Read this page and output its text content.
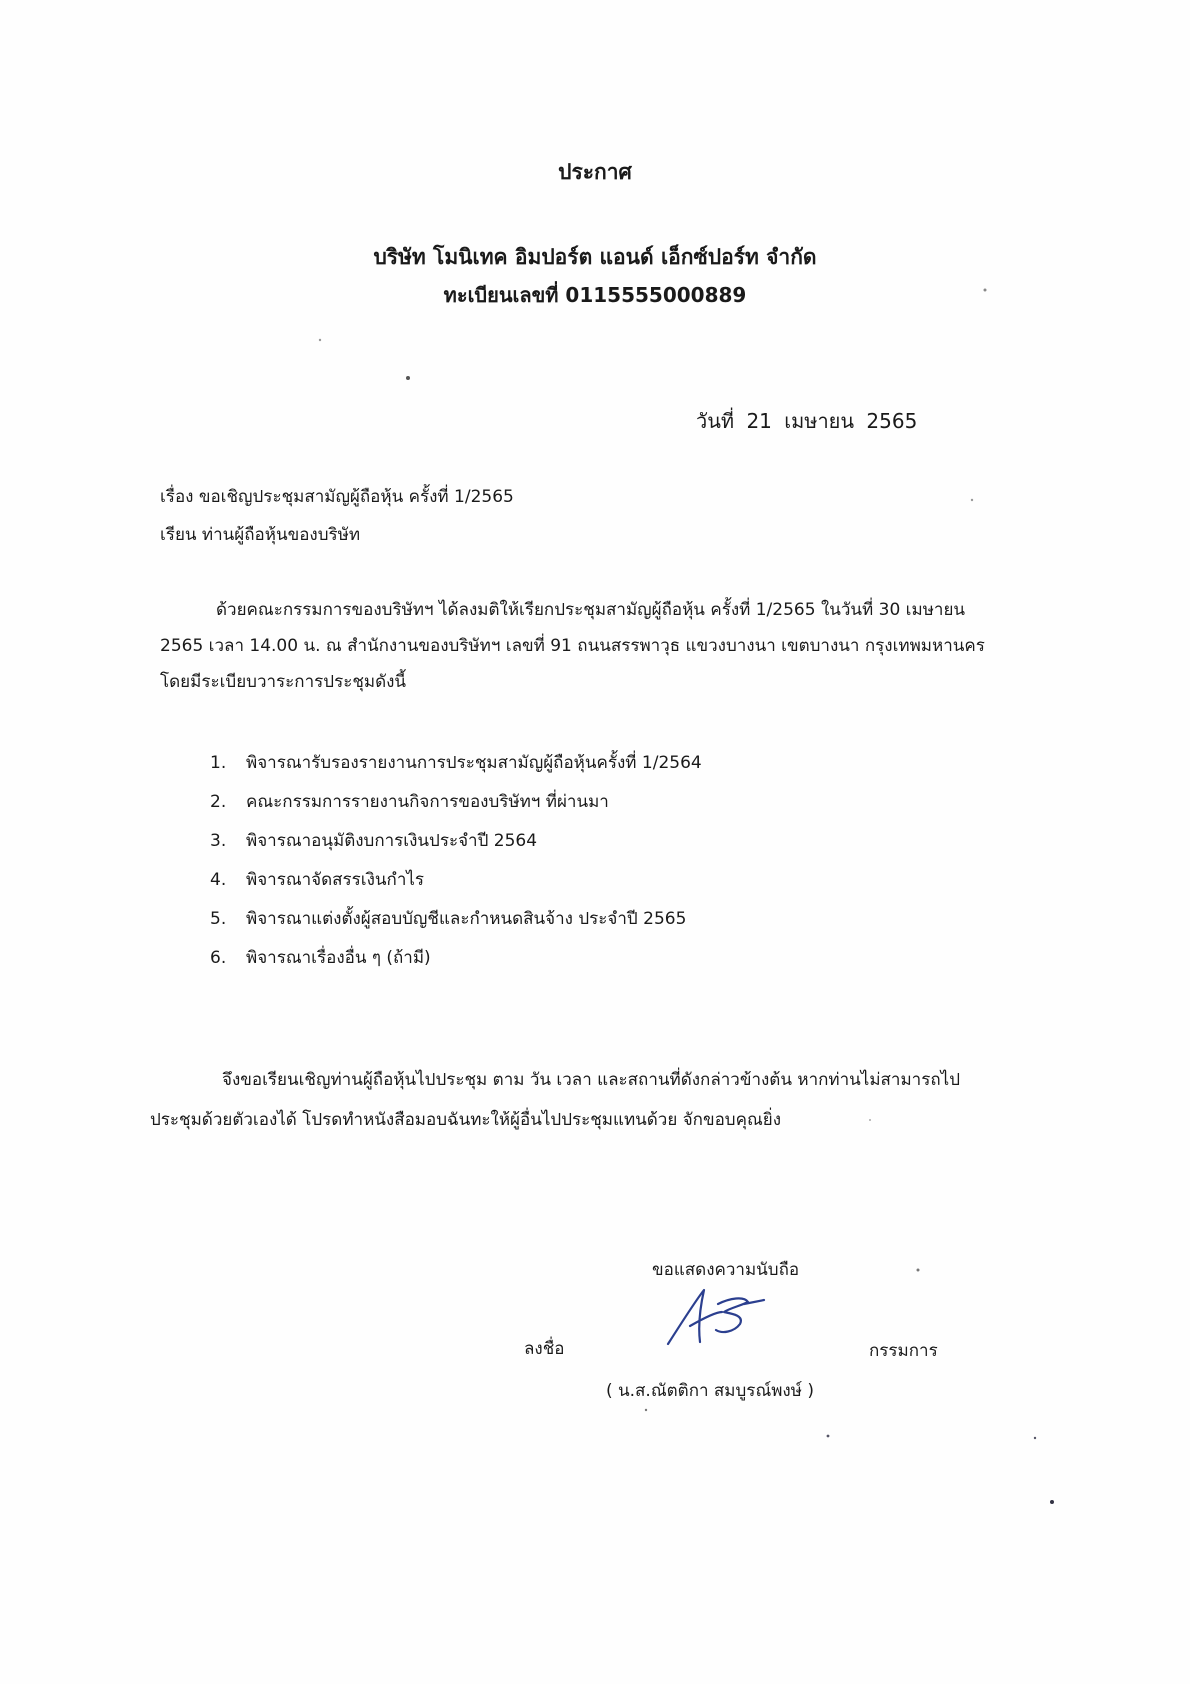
ประกาศ
บริษัท โมนิเทค อิมปอร์ต แอนด์ เอ็กซ์ปอร์ท จำกัด
ทะเบียนเลขที่ 0115555000889
วันที่ 21 เมษายน 2565
เรื่อง ขอเชิญประชุมสามัญผู้ถือหุ้น ครั้งที่ 1/2565
เรียน ท่านผู้ถือหุ้นของบริษัท
ด้วยคณะกรรมการของบริษัทฯ ได้ลงมติให้เรียกประชุมสามัญผู้ถือหุ้น ครั้งที่ 1/2565 ในวันที่ 30 เมษายน
2565 เวลา 14.00 น. ณ สำนักงานของบริษัทฯ เลขที่ 91 ถนนสรรพาวุธ แขวงบางนา เขตบางนา กรุงเทพมหานคร
โดยมีระเบียบวาระการประชุมดังนี้
1. พิจารณารับรองรายงานการประชุมสามัญผู้ถือหุ้นครั้งที่ 1/2564
2. คณะกรรมการรายงานกิจการของบริษัทฯ ที่ผ่านมา
3. พิจารณาอนุมัติงบการเงินประจำปี 2564
4. พิจารณาจัดสรรเงินกำไร
5. พิจารณาแต่งตั้งผู้สอบบัญชีและกำหนดสินจ้าง ประจำปี 2565
6. พิจารณาเรื่องอื่น ๆ (ถ้ามี)
จึงขอเรียนเชิญท่านผู้ถือหุ้นไปประชุม ตาม วัน เวลา และสถานที่ดังกล่าวข้างต้น หากท่านไม่สามารถไป
ประชุมด้วยตัวเองได้ โปรดทำหนังสือมอบฉันทะให้ผู้อื่นไปประชุมแทนด้วย จักขอบคุณยิ่ง
ขอแสดงความนับถือ
ลงชื่อ	กรรมการ
( น.ส.ณัตติกา สมบูรณ์พงษ์ )
